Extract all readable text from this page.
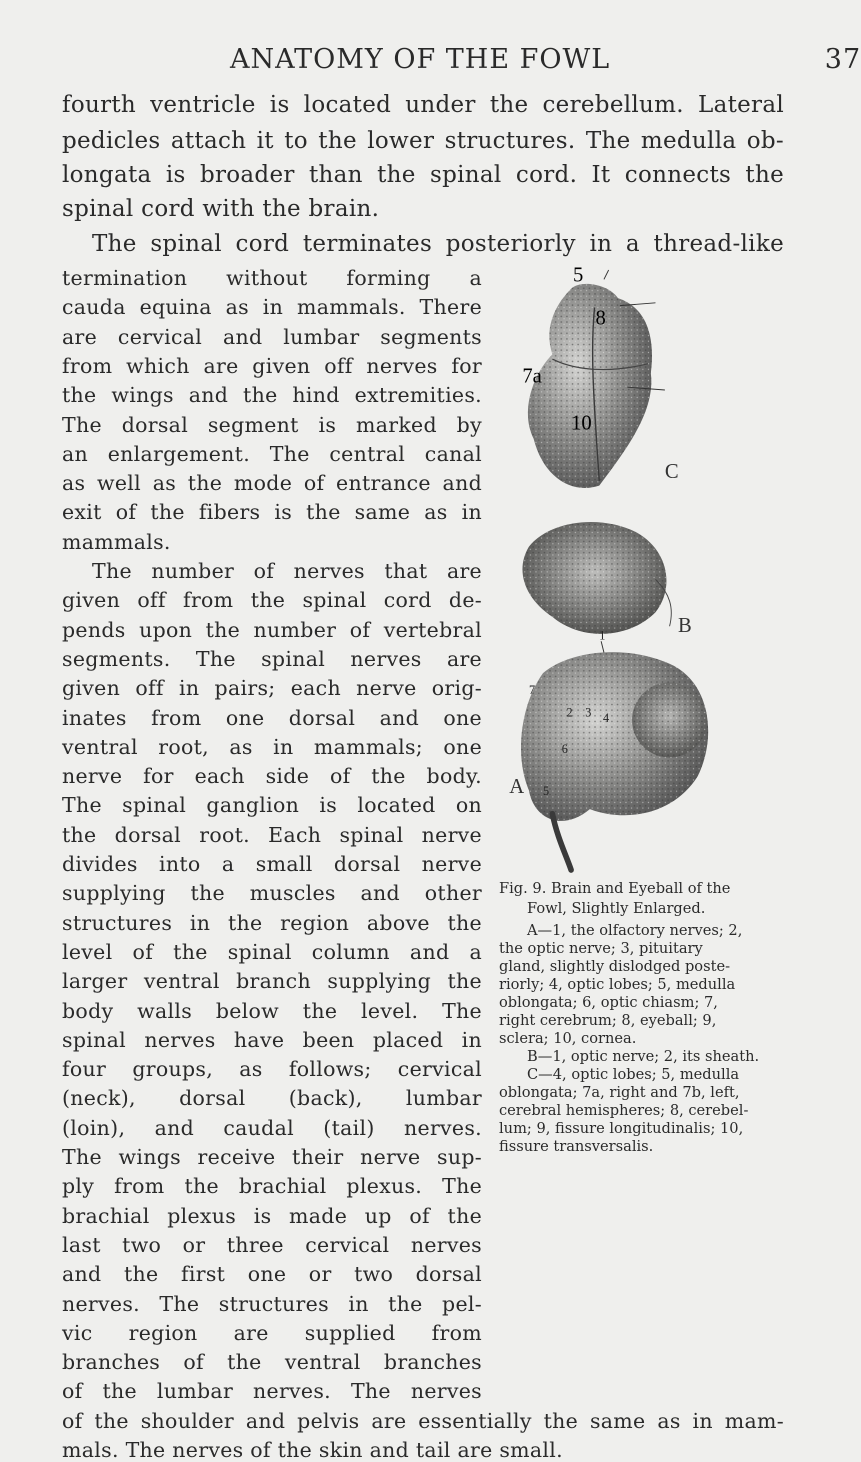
ANATOMY OF THE FOWL	37
fourth ventricle is located under the cerebellum. Lateral
pedicles attach it to the lower structures. The medulla ob-
longata is broader than the spinal cord. It connects the
spinal cord with the brain.
The spinal cord terminates posteriorly in a thread-like
termination without forming a
cauda equina as in mammals. There
are cervical and lumbar segments
from which are given off nerves for
the wings and the hind extremities.
The dorsal segment is marked by
an enlargement. The central canal
as well as the mode of entrance and
exit of the fibers is the same as in
mammals.
The number of nerves that are
given off from the spinal cord de-
pends upon the number of vertebral
segments. The spinal nerves are
given off in pairs; each nerve orig-
inates from one dorsal and one
ventral root, as in mammals; one
nerve for each side of the body.
The spinal ganglion is located on
the dorsal root. Each spinal nerve
divides into a small dorsal nerve
supplying the muscles and other
structures in the region above the
level of the spinal column and a
larger ventral branch supplying the
body walls below the level. The
spinal nerves have been placed in
four groups, as follows; cervical
(neck), dorsal (back), lumbar
(loin), and caudal (tail) nerves.
The wings receive their nerve sup-
ply from the brachial plexus. The
brachial plexus is made up of the
last two or three cervical nerves
and the first one or two dorsal
nerves. The structures in the pel-
vic region are supplied from
branches of the ventral branches
of the lumbar nerves. The nerves
5
8
7a
10
C
B
1
7
2 3 4
6
5
A
Fig. 9. Brain and Eyeball of the
Fowl, Slightly Enlarged.
A—1, the olfactory nerves; 2,
the optic nerve; 3, pituitary
gland, slightly dislodged poste-
riorly; 4, optic lobes; 5, medulla
oblongata; 6, optic chiasm; 7,
right cerebrum; 8, eyeball; 9,
sclera; 10, cornea.
B—1, optic nerve; 2, its sheath.
C—4, optic lobes; 5, medulla
oblongata; 7a, right and 7b, left,
cerebral hemispheres; 8, cerebel-
lum; 9, fissure longitudinalis; 10,
fissure transversalis.
of the shoulder and pelvis are essentially the same as in mam-
mals. The nerves of the skin and tail are small.
